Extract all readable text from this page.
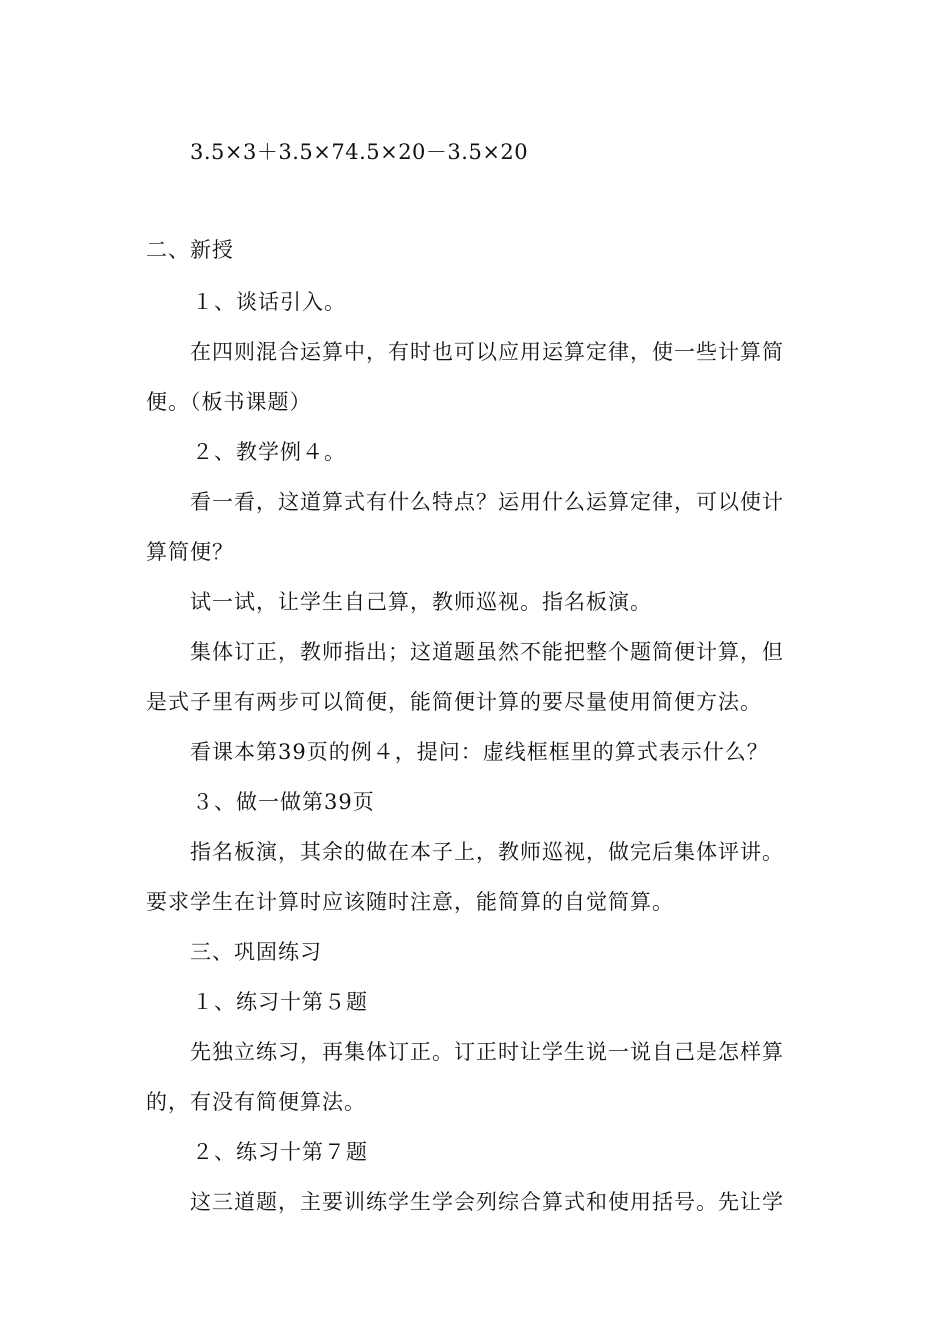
3.5×3＋3.5×74.5×20－3.5×20
二、新授
１、谈话引入。
在四则混合运算中，有时也可以应用运算定律，使一些计算简
便。（板书课题）
２、教学例４。
看一看，这道算式有什么特点？运用什么运算定律，可以使计
算简便？
试一试，让学生自己算，教师巡视。指名板演。
集体订正，教师指出；这道题虽然不能把整个题简便计算，但
是式子里有两步可以简便，能简便计算的要尽量使用简便方法。
看课本第39页的例４，提问：虚线框框里的算式表示什么？
３、做一做第39页
指名板演，其余的做在本子上，教师巡视，做完后集体评讲。
要求学生在计算时应该随时注意，能简算的自觉简算。
三、巩固练习
１、练习十第５题
先独立练习，再集体订正。订正时让学生说一说自己是怎样算
的，有没有简便算法。
２、练习十第７题
这三道题，主要训练学生学会列综合算式和使用括号。先让学
